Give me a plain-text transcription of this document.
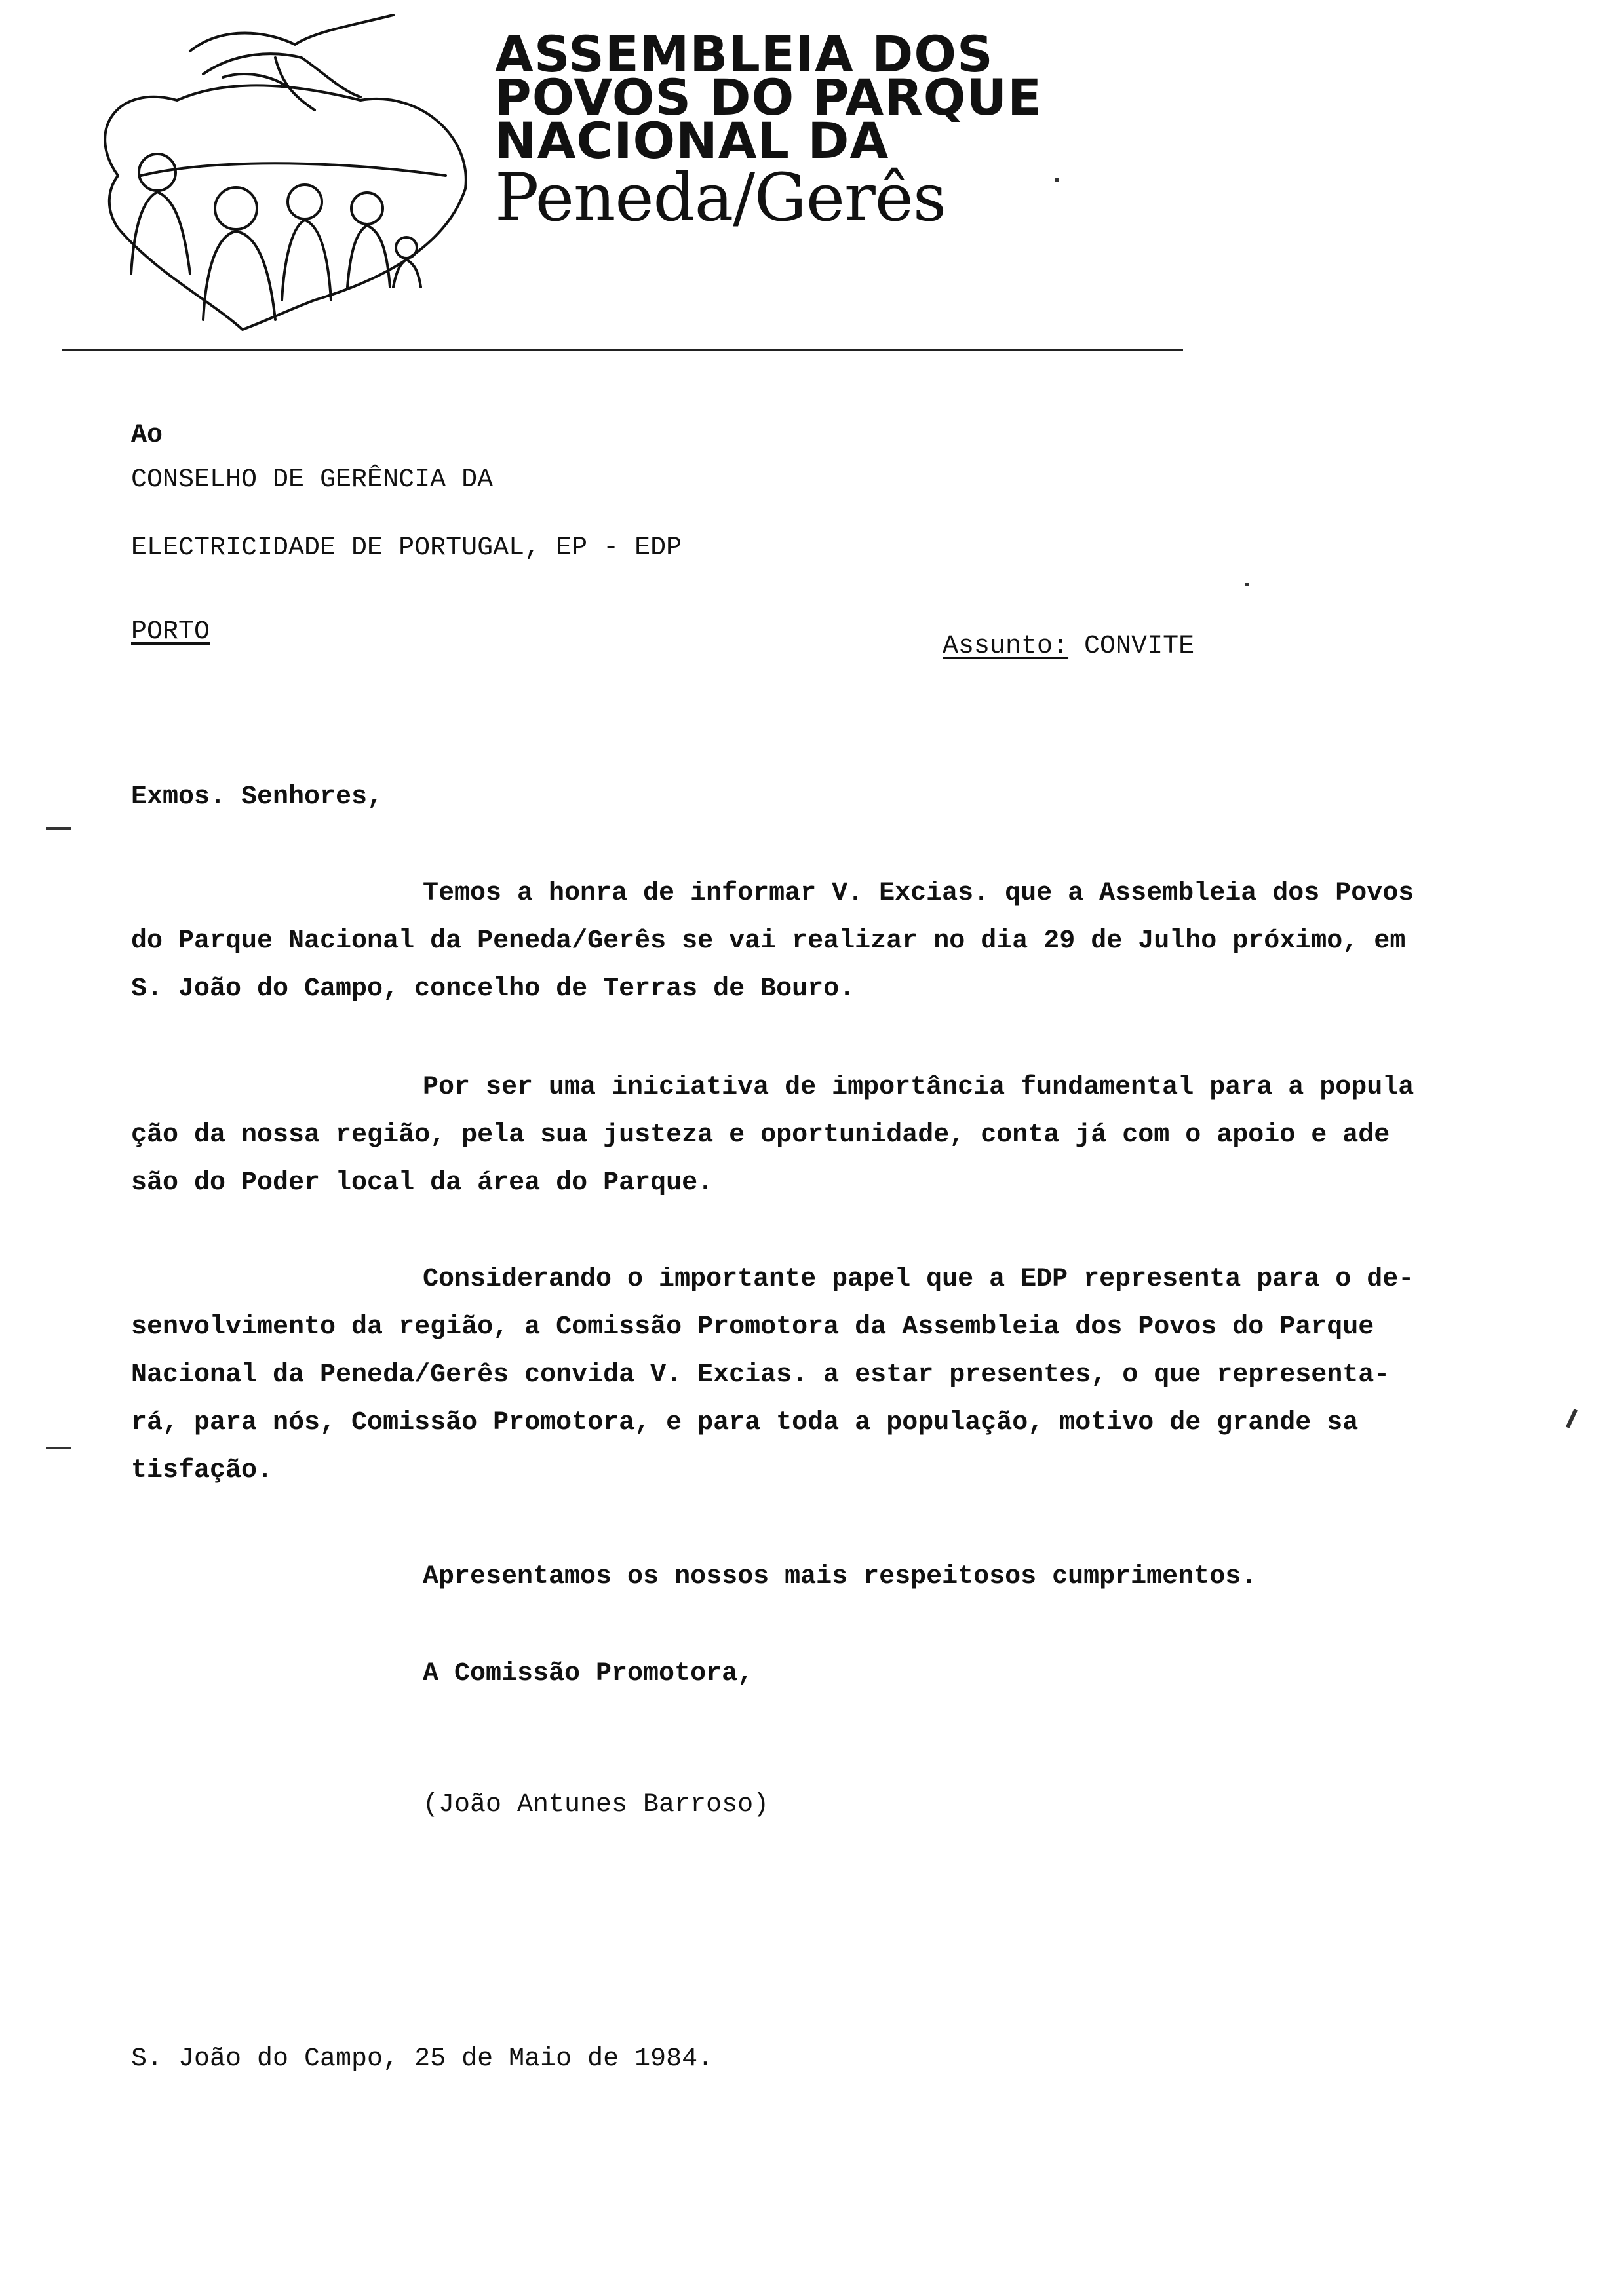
ASSEMBLEIA DOS
POVOS DO PARQUE
NACIONAL DA
Peneda/Gerês
Ao
CONSELHO DE GERÊNCIA DA
ELECTRICIDADE DE PORTUGAL, EP - EDP
PORTO	Assunto: CONVITE
Exmos. Senhores,
Temos a honra de informar V. Excias. que a Assembleia dos Povos
do Parque Nacional da Peneda/Gerês se vai realizar no dia 29 de Julho próximo, em
S. João do Campo, concelho de Terras de Bouro.
Por ser uma iniciativa de importância fundamental para a popula
ção da nossa região, pela sua justeza e oportunidade, conta já com o apoio e ade
são do Poder local da área do Parque.
Considerando o importante papel que a EDP representa para o de-
senvolvimento da região, a Comissão Promotora da Assembleia dos Povos do Parque
Nacional da Peneda/Gerês convida V. Excias. a estar presentes, o que representa-
rá, para nós, Comissão Promotora, e para toda a população, motivo de grande sa
tisfação.
Apresentamos os nossos mais respeitosos cumprimentos.
A Comissão Promotora,
(João Antunes Barroso)
S. João do Campo, 25 de Maio de 1984.
